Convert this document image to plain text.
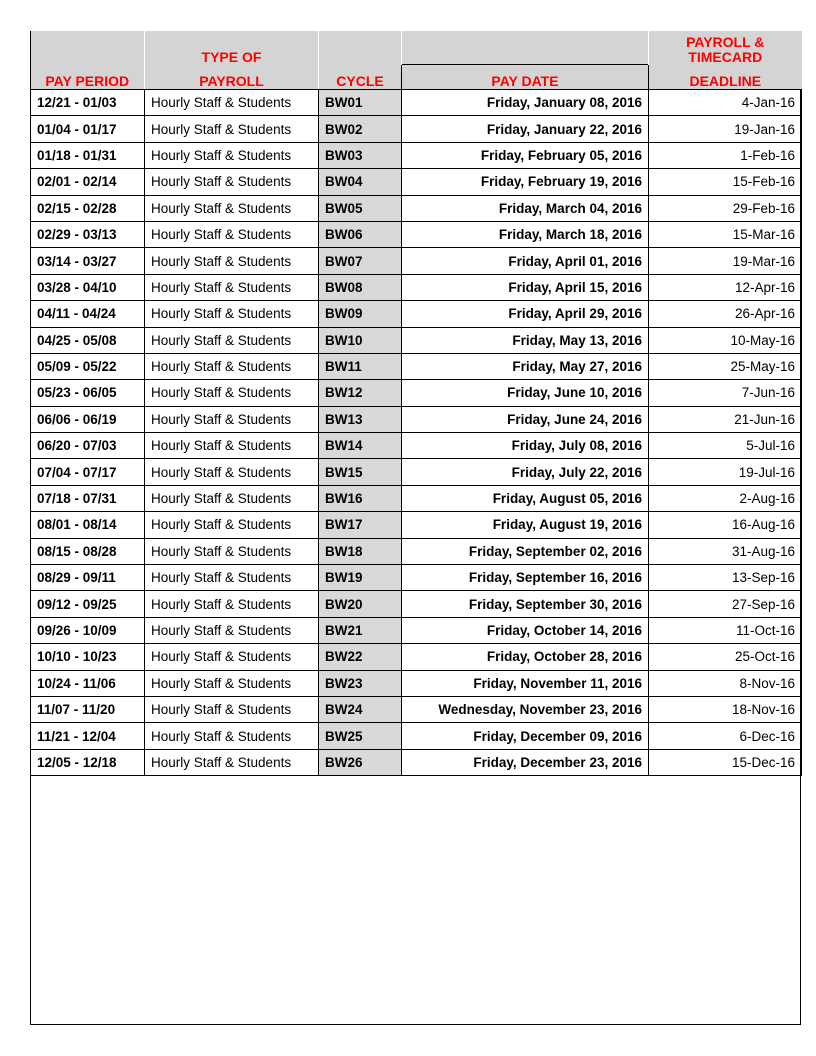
	TYPE OF			PAYROLL &
TIMECARD

PAY PERIOD	PAYROLL	CYCLE	PAY DATE	DEADLINE
12/21 - 01/03	Hourly Staff & Students	BW01	Friday, January 08, 2016	4-Jan-16
01/04 - 01/17	Hourly Staff & Students	BW02	Friday, January 22, 2016	19-Jan-16
01/18 - 01/31	Hourly Staff & Students	BW03	Friday, February 05, 2016	1-Feb-16
02/01 - 02/14	Hourly Staff & Students	BW04	Friday, February 19, 2016	15-Feb-16
02/15 - 02/28	Hourly Staff & Students	BW05	Friday, March 04, 2016	29-Feb-16
02/29 - 03/13	Hourly Staff & Students	BW06	Friday, March 18, 2016	15-Mar-16
03/14 - 03/27	Hourly Staff & Students	BW07	Friday, April 01, 2016	19-Mar-16
03/28 - 04/10	Hourly Staff & Students	BW08	Friday, April 15, 2016	12-Apr-16
04/11 - 04/24	Hourly Staff & Students	BW09	Friday, April 29, 2016	26-Apr-16
04/25 - 05/08	Hourly Staff & Students	BW10	Friday, May 13, 2016	10-May-16
05/09 - 05/22	Hourly Staff & Students	BW11	Friday, May 27, 2016	25-May-16
05/23 - 06/05	Hourly Staff & Students	BW12	Friday, June 10, 2016	7-Jun-16
06/06 - 06/19	Hourly Staff & Students	BW13	Friday, June 24, 2016	21-Jun-16
06/20 - 07/03	Hourly Staff & Students	BW14	Friday, July 08, 2016	5-Jul-16
07/04 - 07/17	Hourly Staff & Students	BW15	Friday, July 22, 2016	19-Jul-16
07/18 - 07/31	Hourly Staff & Students	BW16	Friday, August 05, 2016	2-Aug-16
08/01 - 08/14	Hourly Staff & Students	BW17	Friday, August 19, 2016	16-Aug-16
08/15 - 08/28	Hourly Staff & Students	BW18	Friday, September 02, 2016	31-Aug-16
08/29 - 09/11	Hourly Staff & Students	BW19	Friday, September 16, 2016	13-Sep-16
09/12 - 09/25	Hourly Staff & Students	BW20	Friday, September 30, 2016	27-Sep-16
09/26 - 10/09	Hourly Staff & Students	BW21	Friday, October 14, 2016	11-Oct-16
10/10 - 10/23	Hourly Staff & Students	BW22	Friday, October 28, 2016	25-Oct-16
10/24 - 11/06	Hourly Staff & Students	BW23	Friday, November 11, 2016	8-Nov-16
11/07 - 11/20	Hourly Staff & Students	BW24	Wednesday, November 23, 2016	18-Nov-16
11/21 - 12/04	Hourly Staff & Students	BW25	Friday, December 09, 2016	6-Dec-16
12/05 - 12/18	Hourly Staff & Students	BW26	Friday, December 23, 2016	15-Dec-16
